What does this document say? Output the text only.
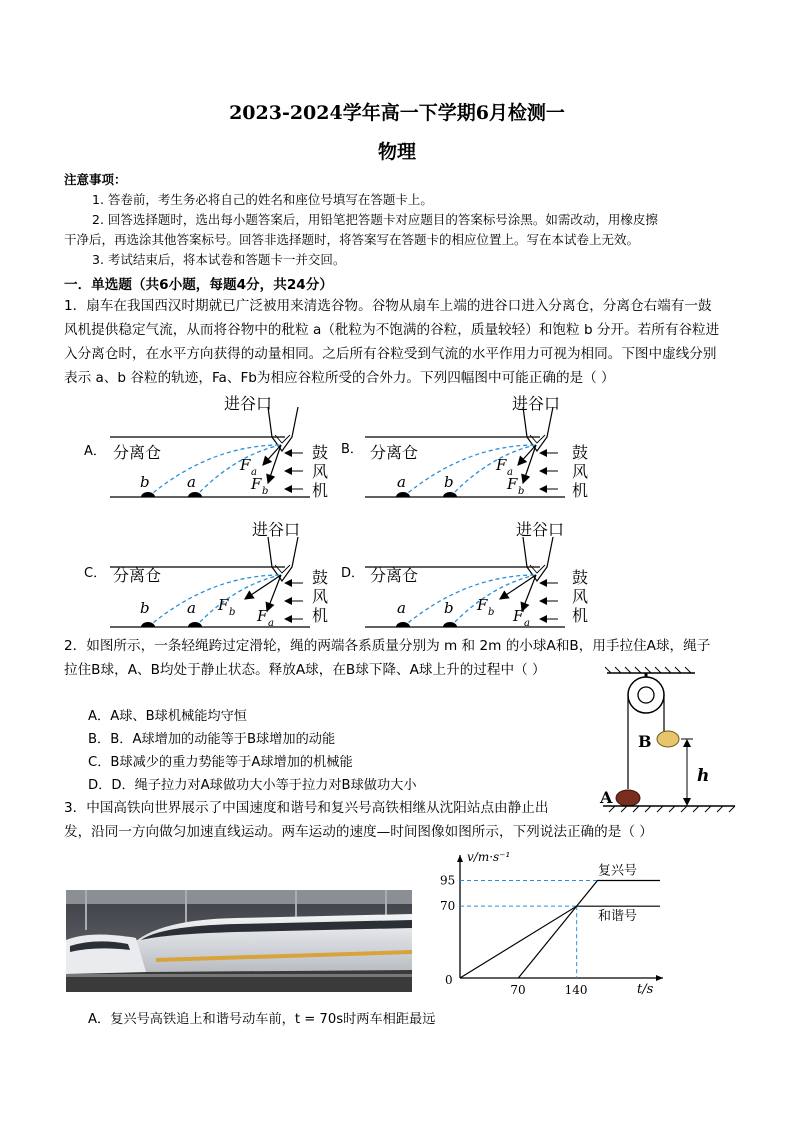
2023-2024学年高一下学期6月检测一
物理
注意事项：
1. 答卷前，考生务必将自己的姓名和座位号填写在答题卡上。
2. 回答选择题时，选出每小题答案后，用铅笔把答题卡对应题目的答案标号涂黑。如需改动，用橡皮擦
干净后，再选涂其他答案标号。回答非选择题时，将答案写在答题卡的相应位置上。写在本试卷上无效。
3. 考试结束后，将本试卷和答题卡一并交回。
一．单选题（共6小题，每题4分，共24分）
1．扇车在我国西汉时期就已广泛被用来清选谷物。谷物从扇车上端的进谷口进入分离仓，分离仓右端有一鼓
风机提供稳定气流，从而将谷物中的秕粒 a（秕粒为不饱满的谷粒，质量较轻）和饱粒 b 分开。若所有谷粒进
入分离仓时，在水平方向获得的动量相同。之后所有谷粒受到气流的水平作用力可视为相同。下图中虚线分别
表示 a、b 谷粒的轨迹，Fa、Fb为相应谷粒所受的合外力。下列四幅图中可能正确的是（ ）
A．
进谷口
分离仓	鼓
风
机
b a
F a
F b
B．
进谷口
分离仓	鼓
风
机
a	b
F a
F b
C．
进谷口
分离仓	鼓
风
机
b a F b F a
D．
进谷口
分离仓	鼓
风
机
a	b F b F a
2．如图所示，一条轻绳跨过定滑轮，绳的两端各系质量分别为 m 和 2m 的小球A和B，用手拉住A球，绳子
拉住B球，A、B均处于静止状态。释放A球，在B球下降、A球上升的过程中（ ）
A．A球、B球机械能均守恒
B．B．A球增加的动能等于B球增加的动能
C．B球减少的重力势能等于A球增加的机械能
D．D．绳子拉力对A球做功大小等于拉力对B球做功大小
B
A
h
3．中国高铁向世界展示了中国速度和谐号和复兴号高铁相继从沈阳站点由静止出
发，沿同一方向做匀加速直线运动。两车运动的速度—时间图像如图所示，下列说法正确的是（ ）
复兴号
和谐号
70	140
70
95
v/m·s⁻¹
t/s
0
A．复兴号高铁追上和谐号动车前，t = 70s时两车相距最远
